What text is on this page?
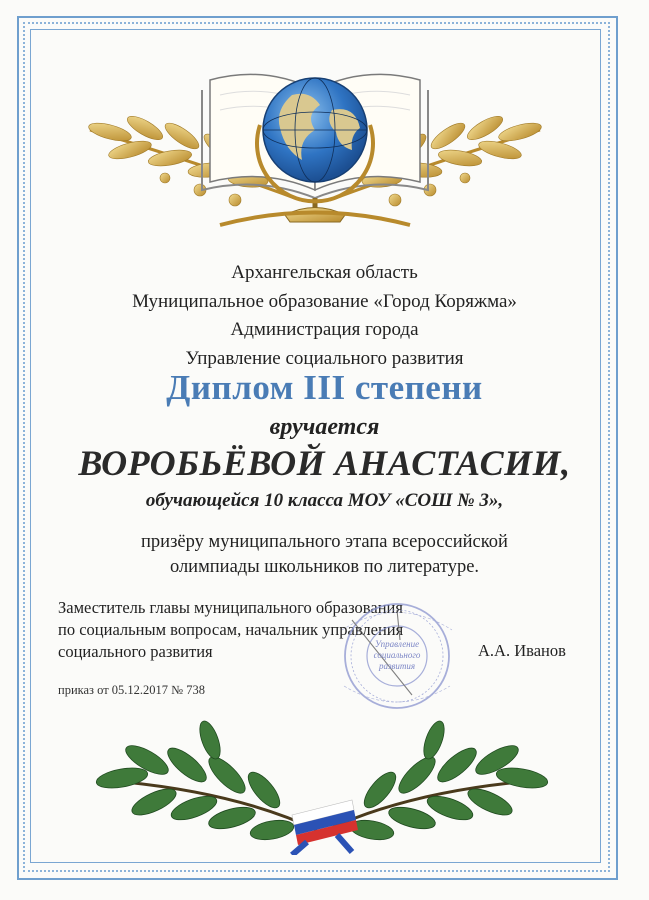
Архангельская область
Муниципальное образование «Город Коряжма»
Администрация города
Управление социального развития
Диплом III степени
вручается
ВОРОБЬЁВОЙ АНАСТАСИИ,
обучающейся 10 класса МОУ «СОШ № 3»,
призёру муниципального этапа всероссийской
олимпиады школьников по литературе.
Заместитель главы муниципального образования
по социальным вопросам, начальник управления
социального развития	Управление
социального
развития
А.А. Иванов
приказ от 05.12.2017 № 738
